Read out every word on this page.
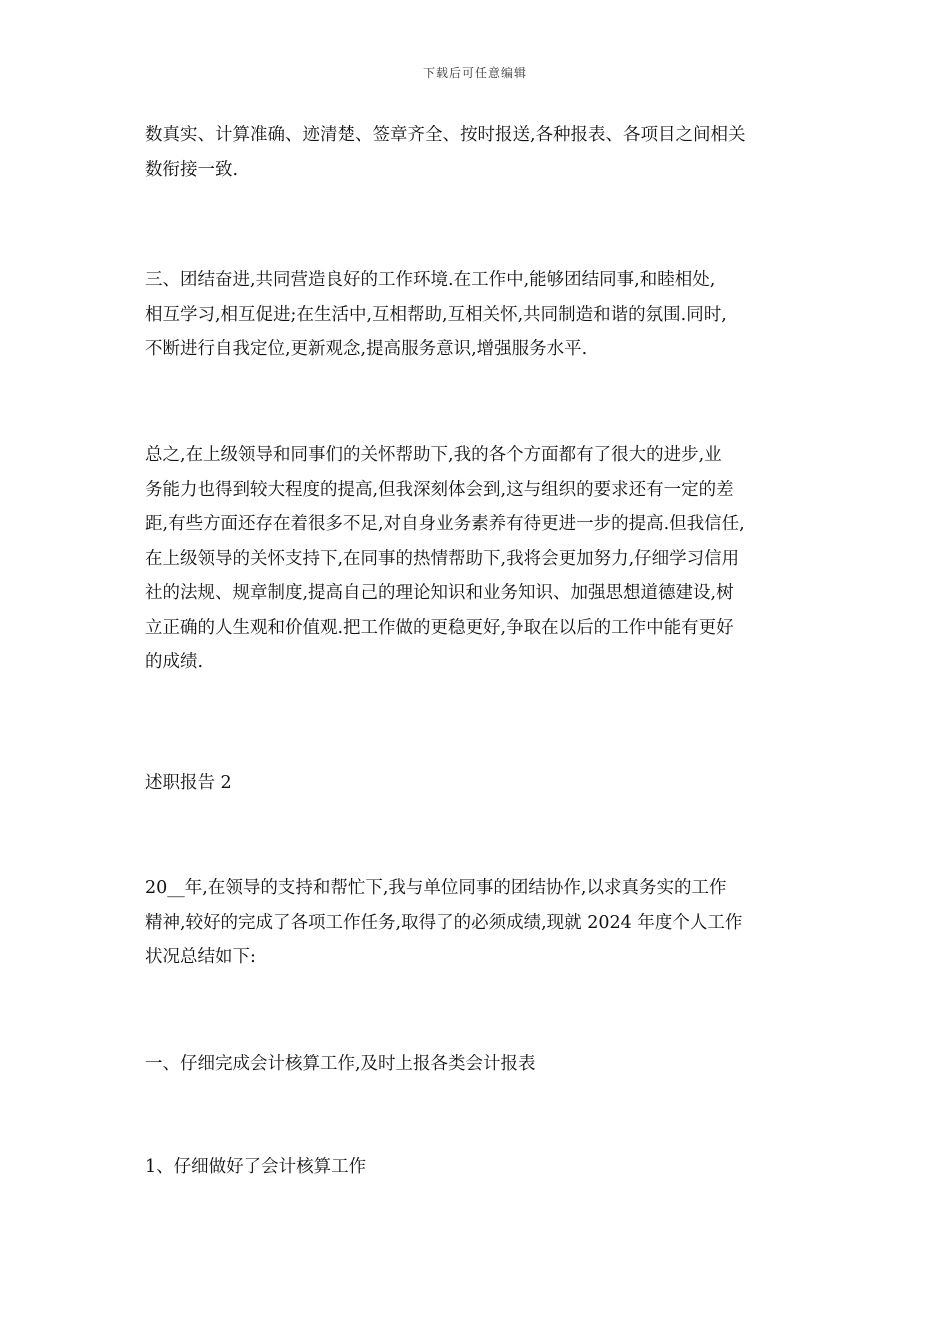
下载后可任意编辑
数真实、计算准确、迹清楚、签章齐全、按时报送,各种报表、各项目之间相关
数衔接一致.
三、团结奋进,共同营造良好的工作环境.在工作中,能够团结同事,和睦相处,
相互学习,相互促进;在生活中,互相帮助,互相关怀,共同制造和谐的氛围.同时,
不断进行自我定位,更新观念,提高服务意识,增强服务水平.
总之,在上级领导和同事们的关怀帮助下,我的各个方面都有了很大的进步,业
务能力也得到较大程度的提高,但我深刻体会到,这与组织的要求还有一定的差
距,有些方面还存在着很多不足,对自身业务素养有待更进一步的提高.但我信任,
在上级领导的关怀支持下,在同事的热情帮助下,我将会更加努力,仔细学习信用
社的法规、规章制度,提高自己的理论知识和业务知识、加强思想道德建设,树
立正确的人生观和价值观.把工作做的更稳更好,争取在以后的工作中能有更好
的成绩.
述职报告 2
20__年,在领导的支持和帮忙下,我与单位同事的团结协作,以求真务实的工作
精神,较好的完成了各项工作任务,取得了的必须成绩,现就 2024 年度个人工作
状况总结如下:
一、仔细完成会计核算工作,及时上报各类会计报表
1、仔细做好了会计核算工作
